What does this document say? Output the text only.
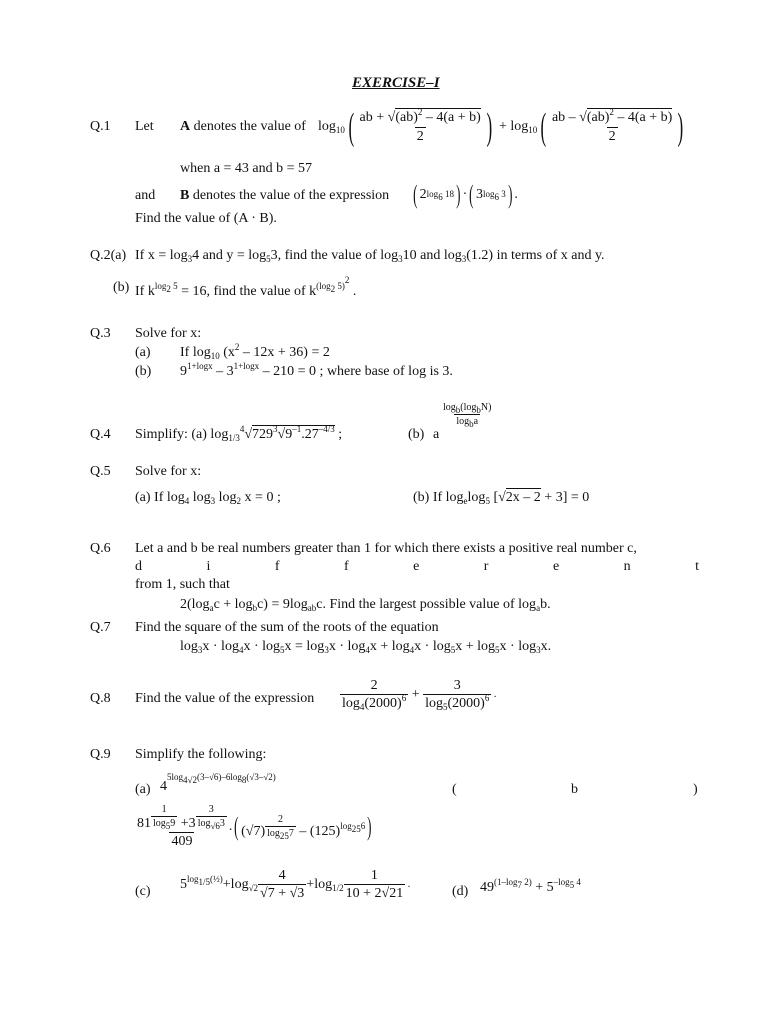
EXERCISE–I
Q.1 Let A denotes the value of $\log_{10}$ ( $\frac{ab + √(ab)^2 - 4(a + b)}{2}$ ) + $\log_{10}$ ( $\frac{ab - √(ab)^2 - 4(a + b)}{2}$ )
when a = 43 and b = 57
and B denotes the value of the expression ( 2 $\log_6 18$ ) · ( 3 $\log_6 3$ ) .
Find the value of (A · B).
Q.2(a) If $x = \log_34$ and $y = \log_53$, find the value of $\log_310$ and $\log_3(1.2)$ in terms of x and y.
(b) If $k^{log_2 5} = 16$, find the value of $k^{(log_2 5)^2}$ .
Q.3 Solve for x:
(a) If $\log_{10} (x^2 - 12x + 36) = 2$
(b) $9^{1+logx} - 3^{1+logx} - 210 = 0$ ; where base of log is 3.
Q.4 Simplify: (a) $\log_{1/3}^4√729^3√9^{-1}.27^{-4/3}$ ;	(b) a
$\frac{\log_b(\log_bN)}{\log_ba}$
Q.5 Solve for x:
(a) If $\log_4 \log_3 \log_2 x = 0$ ;	(b) If $\log_e\log_5$ [√2x – 2 + 3] = 0
Q.6 Let a and b be real numbers greater than 1 for which there exists a positive real number c,
d	i	f	f	e	r	e	n	t
from 1, such that
$2(\log_ac + \log_bc) = 9\log_{ab}c$. Find the largest possible value of $\log_ab$.
Q.7 Find the square of the sum of the roots of the equation
$\log_3x \cdot \log_4x \cdot \log_5x = \log_3x \cdot \log_4x + \log_4x \cdot \log_5x + \log_5x \cdot \log_3x$.
Q.8 Find the value of the expression $\frac{2}{\log_4(2000)^6} + \frac{3}{\log_5(2000)^6}$ .
Q.9 Simplify the following:
(a) $4^{5log_{4√2}(3-√6)-6log_8(√3-√2)}$
(	b	)
81 $^{\frac{1}{\log_59}}$ +3 $^{\frac{3}{\log_{√6}3}}$
409 . ( (√7) $^{\frac{2}{\log_{25}7}} - (125)^{log_{25}6}$ )
(c) $5^{log_{1/5}(\frac{1}{2})} +\log_{√2} \frac{4}{√7 + √3} +\log_{1/2} \frac{1}{10 + 2√21}$ .	(d) $49^{(1-log_7 2)} + 5^{-log_5 4}$
